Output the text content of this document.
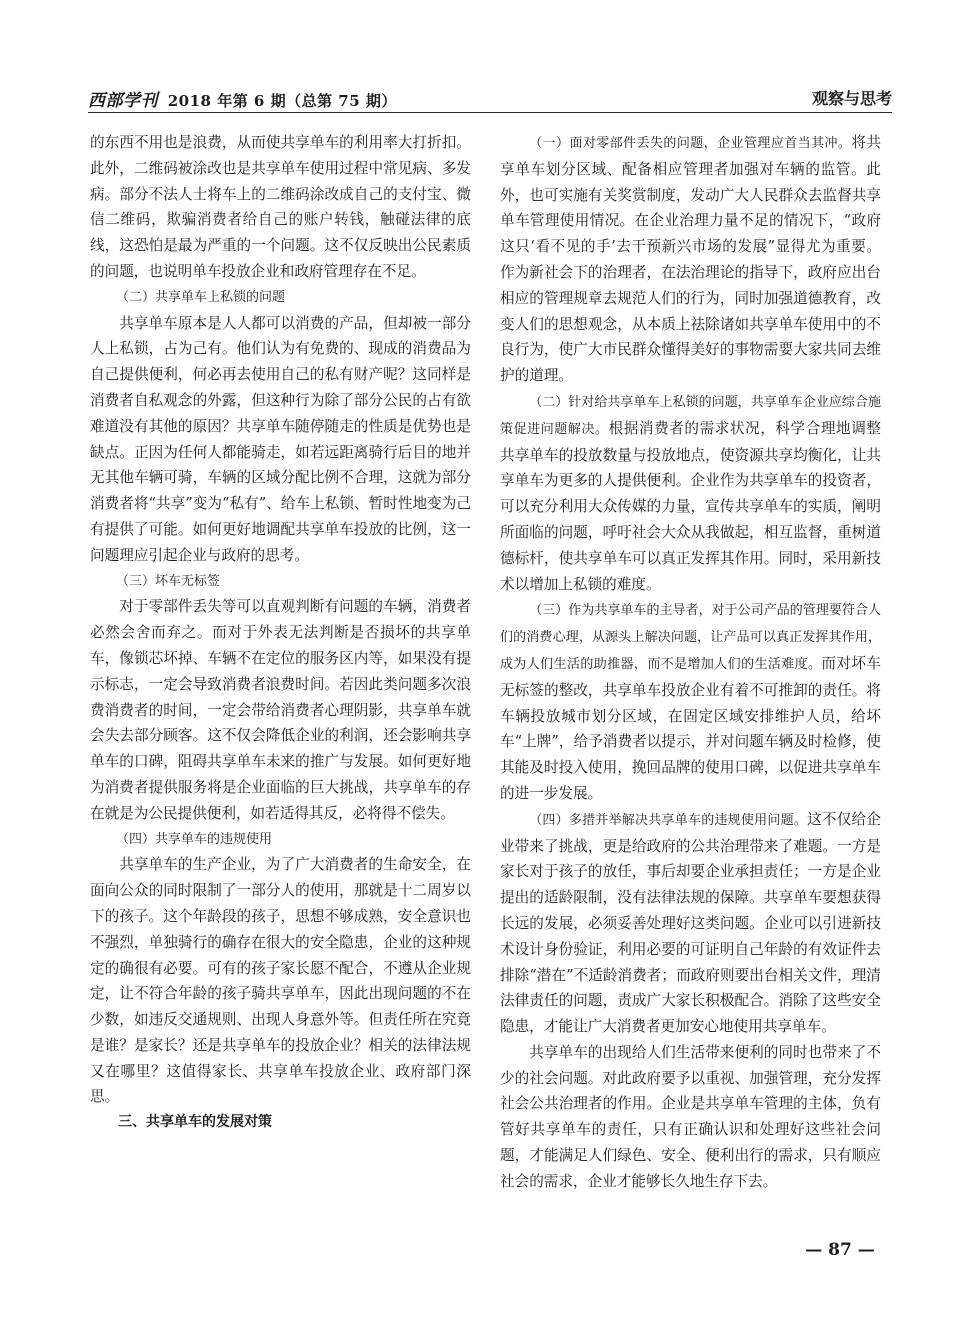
西部学刊 2018 年第 6 期（总第 75 期）	观察与思考

的东西不用也是浪费，从而使共享单车的利用率大打折扣。此外，二维码被涂改也是共享单车使用过程中常见病、多发病。部分不法人士将车上的二维码涂改成自己的支付宝、微信二维码，欺骗消费者给自己的账户转钱，触碰法律的底线，这恐怕是最为严重的一个问题。这不仅反映出公民素质的问题，也说明单车投放企业和政府管理存在不足。

（二）共享单车上私锁的问题

共享单车原本是人人都可以消费的产品，但却被一部分人上私锁，占为己有。他们认为有免费的、现成的消费品为自己提供便利，何必再去使用自己的私有财产呢？这同样是消费者自私观念的外露，但这种行为除了部分公民的占有欲难道没有其他的原因？共享单车随停随走的性质是优势也是缺点。正因为任何人都能骑走，如若远距离骑行后目的地并无其他车辆可骑，车辆的区域分配比例不合理，这就为部分消费者将“共享”变为“私有”、给车上私锁、暂时性地变为己有提供了可能。如何更好地调配共享单车投放的比例，这一问题理应引起企业与政府的思考。

（三）坏车无标签

对于零部件丢失等可以直观判断有问题的车辆，消费者必然会舍而弃之。而对于外表无法判断是否损坏的共享单车，像锁芯坏掉、车辆不在定位的服务区内等，如果没有提示标志，一定会导致消费者浪费时间。若因此类问题多次浪费消费者的时间，一定会带给消费者心理阴影，共享单车就会失去部分顾客。这不仅会降低企业的利润，还会影响共享单车的口碑，阻碍共享单车未来的推广与发展。如何更好地为消费者提供服务将是企业面临的巨大挑战，共享单车的存在就是为公民提供便利，如若适得其反，必将得不偿失。

（四）共享单车的违规使用

共享单车的生产企业，为了广大消费者的生命安全，在面向公众的同时限制了一部分人的使用，那就是十二周岁以下的孩子。这个年龄段的孩子，思想不够成熟，安全意识也不强烈，单独骑行的确存在很大的安全隐患，企业的这种规定的确很有必要。可有的孩子家长愿不配合，不遵从企业规定，让不符合年龄的孩子骑共享单车，因此出现问题的不在少数，如违反交通规则、出现人身意外等。但责任所在究竟是谁？是家长？还是共享单车的投放企业？相关的法律法规又在哪里？这值得家长、共享单车投放企业、政府部门深思。

三、共享单车的发展对策

（一）面对零部件丢失的问题，企业管理应首当其冲。将共享单车划分区域、配备相应管理者加强对车辆的监管。此外，也可实施有关奖赏制度，发动广大人民群众去监督共享单车管理使用情况。在企业治理力量不足的情况下，“政府这只‘看不见的手’去干预新兴市场的发展”显得尤为重要。作为新社会下的治理者，在法治理论的指导下，政府应出台相应的管理规章去规范人们的行为，同时加强道德教育，改变人们的思想观念，从本质上祛除诸如共享单车使用中的不良行为，使广大市民群众懂得美好的事物需要大家共同去维护的道理。

（二）针对给共享单车上私锁的问题，共享单车企业应综合施策促进问题解决。根据消费者的需求状况，科学合理地调整共享单车的投放数量与投放地点，使资源共享均衡化，让共享单车为更多的人提供便利。企业作为共享单车的投资者，可以充分利用大众传媒的力量，宣传共享单车的实质，阐明所面临的问题，呼吁社会大众从我做起，相互监督，重树道德标杆，使共享单车可以真正发挥其作用。同时，采用新技术以增加上私锁的难度。

（三）作为共享单车的主导者，对于公司产品的管理要符合人们的消费心理，从源头上解决问题，让产品可以真正发挥其作用，成为人们生活的助推器，而不是增加人们的生活难度。而对坏车无标签的整改，共享单车投放企业有着不可推卸的责任。将车辆投放城市划分区域，在固定区域安排维护人员，给坏车“上牌”，给予消费者以提示，并对问题车辆及时检修，使其能及时投入使用，挽回品牌的使用口碑，以促进共享单车的进一步发展。

（四）多措并举解决共享单车的违规使用问题。这不仅给企业带来了挑战，更是给政府的公共治理带来了难题。一方是家长对于孩子的放任，事后却要企业承担责任；一方是企业提出的适龄限制，没有法律法规的保障。共享单车要想获得长远的发展，必须妥善处理好这类问题。企业可以引进新技术设计身份验证，利用必要的可证明自己年龄的有效证件去排除“潜在”不适龄消费者；而政府则要出台相关文件，理清法律责任的问题，责成广大家长积极配合。消除了这些安全隐患，才能让广大消费者更加安心地使用共享单车。

共享单车的出现给人们生活带来便利的同时也带来了不少的社会问题。对此政府要予以重视、加强管理，充分发挥社会公共治理者的作用。企业是共享单车管理的主体，负有管好共享单车的责任，只有正确认识和处理好这些社会问题，才能满足人们绿色、安全、便利出行的需求，只有顺应社会的需求，企业才能够长久地生存下去。

— 87 —
